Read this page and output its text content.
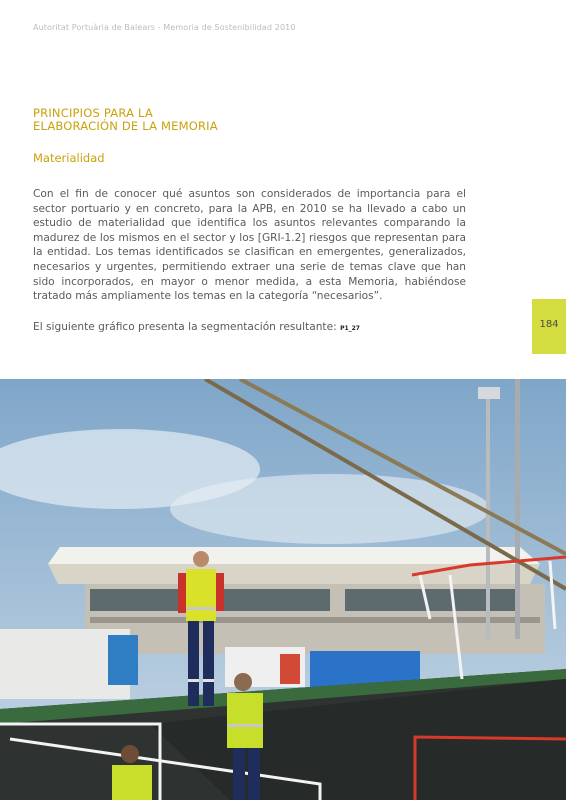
Autoritat Portuària de Balears - Memoria de Sostenibilidad 2010
PRINCIPIOS PARA LA
ELABORACIÓN DE LA MEMORIA
Materialidad

Con el fin de conocer qué asuntos son considerados de importancia para el sector portuario y en concreto, para la APB, en 2010 se ha llevado a cabo un estudio de materialidad que identifica los asuntos relevantes comparando la madurez de los mismos en el sector y los [GRI-1.2] riesgos que representan para la entidad. Los temas identificados se clasifican en emergentes, generalizados, necesarios y urgentes, permitiendo extraer una serie de temas clave que han sido incorporados, en mayor o menor medida, a esta Memoria, habiéndose tratado más ampliamente los temas en la categoría “necesarios”.

El siguiente gráfico presenta la segmentación resultante: P1_27	184
